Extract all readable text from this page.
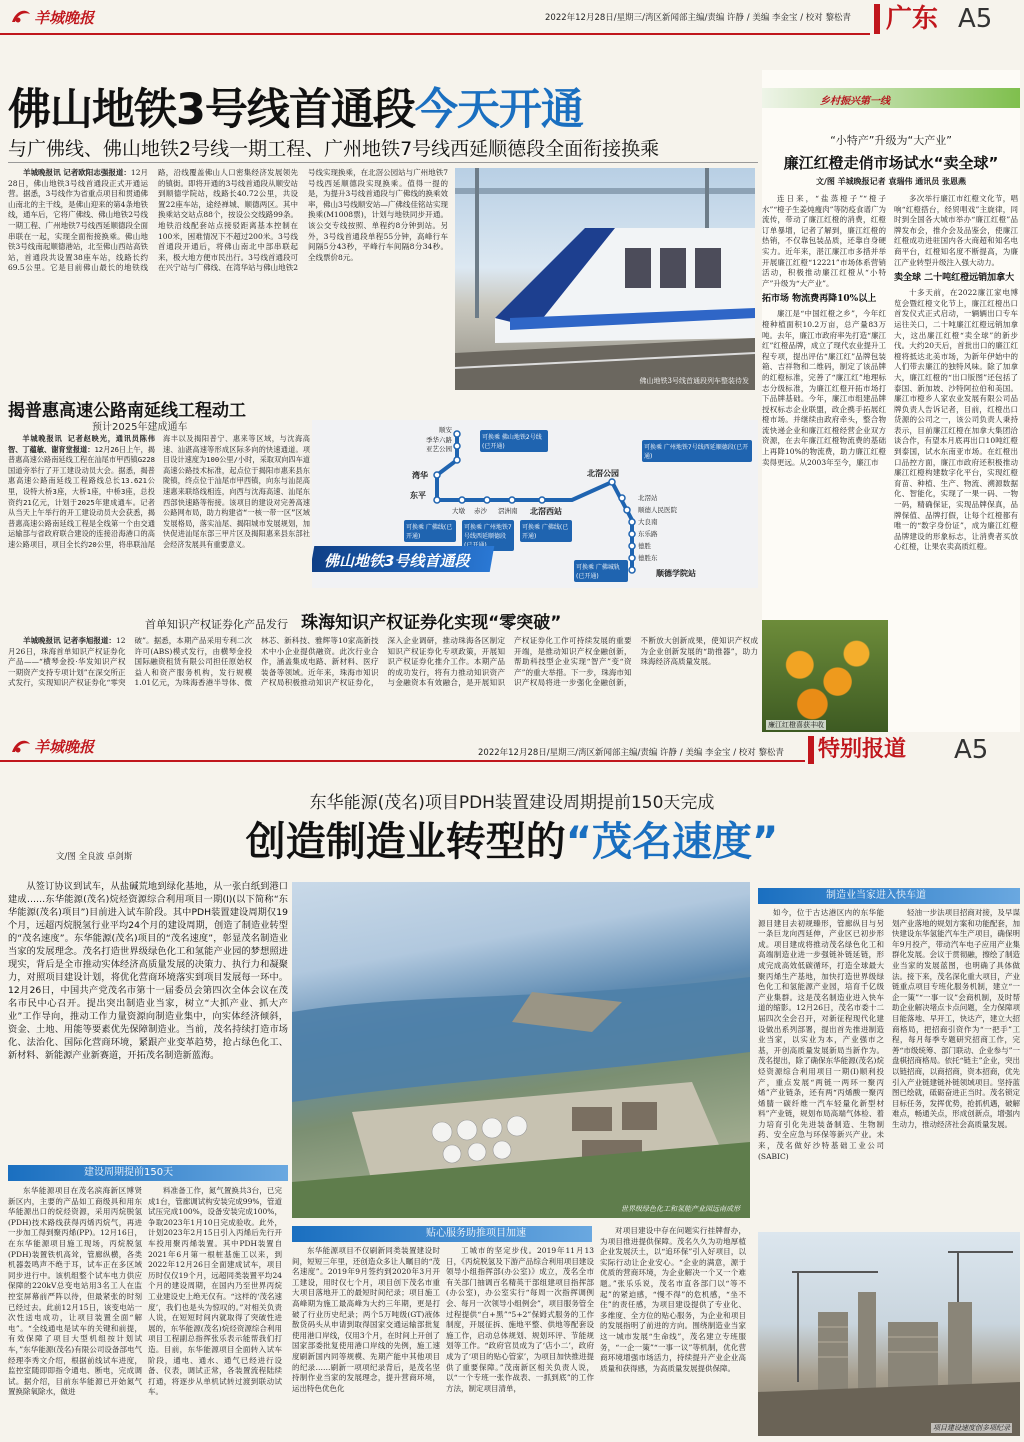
羊城晚报	2022年12月28日/星期三/湾区新闻部主编/责编 许静 / 美编 李金宝 / 校对 黎松青	广东 A5
佛山地铁3号线首通段今天开通
与广佛线、佛山地铁2号线一期工程、广州地铁7号线西延顺德段全面衔接换乘

羊城晚报讯 记者欧阳志强报道：12月28日，佛山地铁3号线首通段正式开通运营。据悉，3号线作为省重点项目和贯通佛山南北的主干线，是佛山迎来的第4条地铁线，通车后，它将广佛线、佛山地铁2号线一期工程、广州地铁7号线西延顺德段全面串联在一起，实现全面衔接换乘。佛山地铁3号线南起顺德港站，北至佛山西站高铁站，首通段共设置38座车站，线路长约69.5公里。它是目前佛山最长的地铁线路，沿线覆盖佛山人口密集经济发展领先的镇街。即将开通的3号线首通段从顺安站到顺德学院站，线路长40.72公里，共设置22座车站，途经禅城、顺德两区。其中换乘站交站点88个，按设公交线路99条。地铁沿线配套站点接驳距离基本控制在100米，困难情况下不超过200米。3号线首通段开通后，将佛山南北中部串联起来，极大地方便市民出行。3号线首通段可在兴宁站与广佛线、在湾华站与佛山地铁2号线实现换乘，在北滘公园站与广州地铁7号线西延顺德段实现换乘。值得一提的是，为提升3号线首通段与广佛线的换乘效率，佛山3号线顺安站—广佛线佳铭站实现换乘(M1008票)，计划与地铁同步开通。该公交专线按照、单程约8分钟到站。另外，3号线首通段单程55分钟，高峰行车间隔5分43秒，平峰行车间隔8分34秒。全线票价8元。

佛山地铁3号线首通段列车整装待发
揭普惠高速公路南延线工程动工
预计2025年建成通车

羊城晚报讯 记者赵映光，通讯员陈伟智、丁蕴敏、谢育堂报道：12月26日上午，揭普惠高速公路南延线工程在汕尾市甲西镇G228国道旁举行了开工建设动员大会。据悉，揭普惠高速公路南延线工程路线总长13.621公里，设特大桥3座，大桥1座，中桥3座，总投资约21亿元，计划于2025年建成通车。记者从当天上午举行的开工建设动员大会获悉，揭普惠高速公路南延线工程是全线第一个由交通运输部与省政府联合建设的连接沿海港口的高速公路项目，项目全长约20公里，将串联汕尾海丰以及揭阳普宁、惠来等区域，与沈海高速、汕湛高速等形成区际多向的快速通道。项目设计速度为100公里/小时，采取双向四车道高速公路技术标准，起点位于揭阳市惠来县东陇镇，终点位于汕尾市甲西镇，向东与汕昆高速惠来联络线相连，向西与沈海高速、汕尾东西部快速路等衔接。该项目的建设对完善高速公路网布局，助力构建省“一核一带一区”区域发展格局，落实汕尾、揭阳城市发展规划，加快促进汕尾东部三甲片区及揭阳惠来县东部社会经济发展具有重要意义。

顺安
季华六路
亚艺公园
湾华
东平
大墩 赤沙 滘洲南 北滘西站
北滘公园
北滘站
顺德人民医院
大良南
东乐路
德胜
德胜东
顺德学院站
可换乘 佛山地铁2号线(已开通)	可换乘 广州地铁7号线西延顺德段(已开通)
可换乘 广佛线(已开通)
可换乘 广州地铁7号线西延顺德段
可换乘 广佛线(已开通)
可换乘 广佛城轨(已开通)
佛山地铁3号线首通段
首单知识产权证券化产品发行 珠海知识产权证券化实现“零突破”

羊城晚报讯 记者李旭报道：12月26日，珠海首单知识产权证券化产品——“横琴金投·华发知识产权一期资产支持专项计划”在深交所正式发行，实现知识产权证券化“零突破”。据悉，本期产品采用专利二次许可(ABS)模式发行，由横琴金投国际融资租赁有限公司担任原始权益人和资产服务机构，发行规模1.01亿元，为珠海香港半导体、微林芯、新科技、雅辉等10家高新技术中小企业提供融资。此次行业合作，涵盖集成电路、新材料、医疗装备等领域。近年来，珠海市知识产权局积极推动知识产权证券化，深入企业调研，推动珠海各区制定知识产权证券化专项政策，开展知识产权证券化推介工作。本期产品的成功发行，将有力推动知识资产与金融资本有效融合，是开展知识产权证券化工作可持续发展的重要开端，是推动知识产权金融创新，帮助科技型企业实现“智产”变“资产”的重大举措。下一步，珠海市知识产权局将进一步强化金融创新，不断放大创新成果，使知识产权成为企业创新发展的“助推器”，助力珠海经济高质量发展。

乡村振兴第一线
“小特产”升级为“大产业”
廉江红橙走俏市场试水“卖全球”
文/图 羊城晚报记者 袁瑞伟 通讯员 张恩燕

连日来，“盐蒸橙子”“橙子水”“橙子生姜炖瘦肉”等防疫食谱广为流传，带动了廉江红橙的消费，红橙订单暴增，记者了解到，廉江红橙的热销，不仅靠包装品质，还靠自身硬实力。近年来，湛江廉江市多措并举开展廉江红橙“12221”市场体系营销活动，积极推动廉江红橙从“小特产”升级为“大产业”。

拓市场 物流费再降10%以上

廉江是“中国红橙之乡”，今年红橙种植面积10.2万亩，总产量83万吨。去年，廉江市政府率先打造“廉江红”红橙品牌，成立了现代农业提升工程专项，提出评估“廉江红”品牌包装箱、吉祥物和二维码，制定了该品牌的红橙标准，完善了“廉江红”地理标志分级标准，为廉江红橙开拓市场打下品牌基础。今年，廉江市组建品牌授权标志企业联盟，政企携手拓展红橙市场。并继续由政府牵头，整合物流快递企业和廉江红橙经营企业双方资源，在去年廉江红橙物流费的基础上再降10%的物流费，助力廉江红橙卖得更远。从2003年至今，廉江市

多次举行廉江市红橙文化节，唱响“红橙搭台，经贸唱戏”主旋律，同时到全国各大城市举办“廉江红橙”品牌发布会，推介会及品鉴会，使廉江红橙成功进驻国内各大商超和知名电商平台，红橙知名度不断提高，为廉江产业转型升级注入强大动力。

卖全球 二十吨红橙远销加拿大

十多天前，在2022廉江家电博览会暨红橙文化节上，廉江红橙出口首发仪式正式启动，一辆辆出口专车运往关口，二十吨廉江红橙远销加拿大，这出廉江红橙“卖全球”的新步伐。大约20天后，首批出口的廉江红橙将抵达北美市场，为新年伊始中的人们带去廉江的独特风味。除了加拿大，廉江红橙的“出口版图”还包括了泰国、新加坡、沙特阿拉伯和美国。廉江市橙乡人家农业发展有限公司品牌负责人告诉记者，目前，红橙出口货源的公司之一，该公司负责人秉持表示，目前廉江红橙在加拿大集团洽谈合作，有望本月底再出口10吨红橙到泰国，试水东南亚市场。在红橙出口品控方面，廉江市政府还积极推动廉江红橙构建数字化平台，实现红橙育苗、种植、生产、物流、溯源数据化、智能化，实现了一果一码、一物一码，精确保证，实现品牌保真，品牌保值、品牌打假，让每个红橙都有唯一的“数字身份证”，成为廉江红橙品牌建设的形象标志，让消费者买放心红橙，让果农卖高质红橙。

廉江红橙喜获丰收
羊城晚报	2022年12月28日/星期三/湾区新闻部主编/责编 许静 / 美编 李金宝 / 校对 黎松青 特别报道 A5
东华能源(茂名)项目PDH装置建设周期提前150天完成
创造制造业转型的“茂名速度”
文/图 全良波 卓剑斯

从签订协议到试车，从盐碱荒地到绿化基地，从一张白纸到港口建成……东华能源(茂名)烷烃资源综合利用项目一期(I)(以下简称“东华能源(茂名)项目”)目前进入试车阶段。其中PDH装置建设周期仅19个月，远超丙烷脱氢行业平均24个月的建设周期，创造了制造业转型的“茂名速度”。东华能源(茂名)项目的“茂名速度”，彰显茂名制造业当家的发展理念。茂名打造世界级绿色化工和氢能产业园的梦想照进现实，背后是全市推动实体经济高质量发展的决策力、执行力和凝聚力，对照项目建设计划，将优化营商环境落实到项目发展每一环中。12月26日，中国共产党茂名市第十一届委员会第四次全体会议在茂名市民中心召开。提出突出制造业当家，树立“大抓产业、抓大产业”工作导向，推动工作力量资源向制造业集中，向实体经济倾斜，资金、土地、用能等要素优先保障制造业。当前，茂名持续打造市场化、法治化、国际化营商环境，紧跟产业变革趋势，抢占绿色化工、新材料、新能源产业新赛道，开拓茂名制造新蓝海。

世界级绿色化工和氢能产业园远南成形
建设周期提前150天

东华能源项目在茂名滨海新区博贤新区内，主要的产品如工商级具和用东华能源出口的烷烃资源，采用丙烷脱氢(PDH)技术路线获得丙烯丙烷气，再进一步加工得到聚丙烯(PP)。12月16日，在东华能源项目施工现场，丙烷脱氢(PDH)装置铁机高耸，管廊纵横，各类机器轰鸣声不绝于耳，试车正在多区域同步进行中。该机组整个试车电力供应保障的220kV总变电站用3名工人在监控室屏幕前严阵以待，但最紧张的时刻已经过去。此前12月15日，该变电站一次性送电成功，让项目装置全面“解电”。“全线通电是试车的关键和前提，有效保障了项目大型机组按计划试车，”东华能源(茂名)有限公司设备部电气经理李秀文介绍，根据前线试车进度，监控室随即即指令通电、断电，完成调试。据介绍，目前东华能源已开始氮气置换除氧除水，做进

料准备工作，氮气置换共3台，已完成1台，管廊调试构安装完成99%，管道试压完成100%，设备安装完成100%，争取2023年1月10日完成验收。此外，计划2023年2月15日引入丙烯后先行开车投用聚丙烯装置。其中PDH装置自2021年6月第一根桩基施工以来，到2022年12月26日全面建成试车，项目历时仅仅19个月，远超同类装置平均24个月的建设周期，在国内乃至世界丙烷工业建设史上绝无仅有。“这样的‘茂名速度’，我们也是头为惊叹的。”对相关负责人说，在短短时间内就取得了突破性进展的，东华能源(茂名)烷烃资源综合利用项目工程副总指挥张乐表示能帮我们打造。目前，东华能源项目全面转入试车阶段，通电、通水、通气已经进行设备、仪表，调试正常，各装置流程陆续打通，将逐步从单机试转过渡到联动试车。

贴心服务助推项目加速

东华能源项目不仅刷新同类装置建设时间，短短三年里，还创造众多让人瞩目的“茂名速度”。2019年9月签约到2020年3月开工建设，用时仅七个月，项目创下茂名市重大项目落地开工的最短时间纪录；项目施工高峰期为施工最高峰为大约三年期，更是打破了行业历史纪录；两个5万吨级(GT)液体散货码头从申请到取得国家交通运输部批复使用港口岸线，仅用3个月，在时间上开创了国家部委批复使用港口岸线的先例，施工速度刷新国内同等规模、先期产能中其他项目的纪录……刷新一项项纪录背后，是茂名坚持制作业当家的发展理念，提升营商环境，运出特色优色化

工城市的坚定步伐。2019年11月13日，《丙烷脱氢及下游产品综合利用项目建设领导小组指挥部(办公室)》成立，茂名全市有关部门抽调百名精英干部组建项目指挥部(办公室)，办公室实行“每周一次指挥调例会、每月一次领导小组例会”，项目服务管全过程提供“白+黑”“5+2”保姆式服务的工作制度，开展征拆、施地平整、供地等配套设施工作，启动总体规划、规划环评、节能规划等工作。“政府官员成为了‘店小二’，政府成为了‘项目的贴心管家’，为项目加快推进提供了重要保障。”茂南新区相关负责人说，以“一个专班一张作战表、一抓到底”的工作方法，制定项目清单，

对项目建设中存在问题实行挂牌督办，为项目推进提供保障。茂名久久为功地厚植企业发展沃土，以“追环保”引入好项目，以实际行动让企业安心。“企业的满意，源于优质的营商环境，为企业解决一个又一个难题。”张乐乐说，茂名市直各部门以“等不起”的紧迫感，“慢不得”的危机感，“坐不住”的责任感，为项目建设提供了专业化、多维度、全方位的贴心服务，为企业和项目的发展指明了前进的方向。围绕制造业当家这一城市发展“生命线”，茂名建立专班服务，“一企一策”“一事一议”等机制，优化营商环境增强市场活力，持续提升产业企业高质量和获得感，为高质量发展提供保障。

制造业当家进入快车道

如今，位于古达港区内的东华能源目建目去初规臻形，管廊纵目与另一条巨龙向西延伸，产业区已初步形成。项目建成将推动茂名绿色化工和高端制造业进一步强链补链延链，形成完成高效低碳循环，打造全球最大聚丙烯生产基地，加快打造世界级绿色化工和氢能源产业园，培育千亿级产业集群。这是茂名制造业进入快车道的缩影。12月26日，茂名市委十二届四次全会召开，对新征程现代化建设做出系列部署，提出首先推进制造业当家，以实业为本，产业强市之基，开创高质量发展新局当新作为。茂名提出，除了确保东华能源(茂名)烷烃资源综合利用项目一期(I)顺利投产，重点发展“两链一两环一聚丙烯”产业链条，还有两“丙烯酸一聚丙烯腈一碳纤维一汽车轻量化新型材料”产业链，规划布局高端气体检、着力培育引化先进装备制造、生物制药、安全应急与环保等新兴产业。未来，茂名做好沙特基础工业公司(SABIC)

轻油一步法项目招商对接，及早谋划产业落地的规划方案和功能配套，加快建设东华氢能汽车生产项目，确保明年9月投产，带动汽车电子应用产业集群化发展。会议于贯彻融，擦绘了制造业当家的发展蓝图，也明确了具体做法。接下来，茂名深化重大项目，产业链重点项目专班化服务机制，建立“一企一策”“一事一议”会商机制，及时帮助企业解决堵点卡点问题，全力保障项目能落地、早开工，快达产，建立大招商格局，把招商引资作为“一把手”工程，每月每季专题研究招商工作，完善“市级统筹、部门联动、企业参与”一盘棋招商格局。依托“链主”企业，突出以链招商，以商招商，资本招商，优先引入产业链建链补链领域项目。坚持蓝图已绘就，砥砺奋进正当时。茂名锁定目标任务，发挥优势，抢抓机遇，破解难点，畅通关点，形成创新点，增强内生动力，推动经济社会高质量发展。

项目建设速度创多项纪录
